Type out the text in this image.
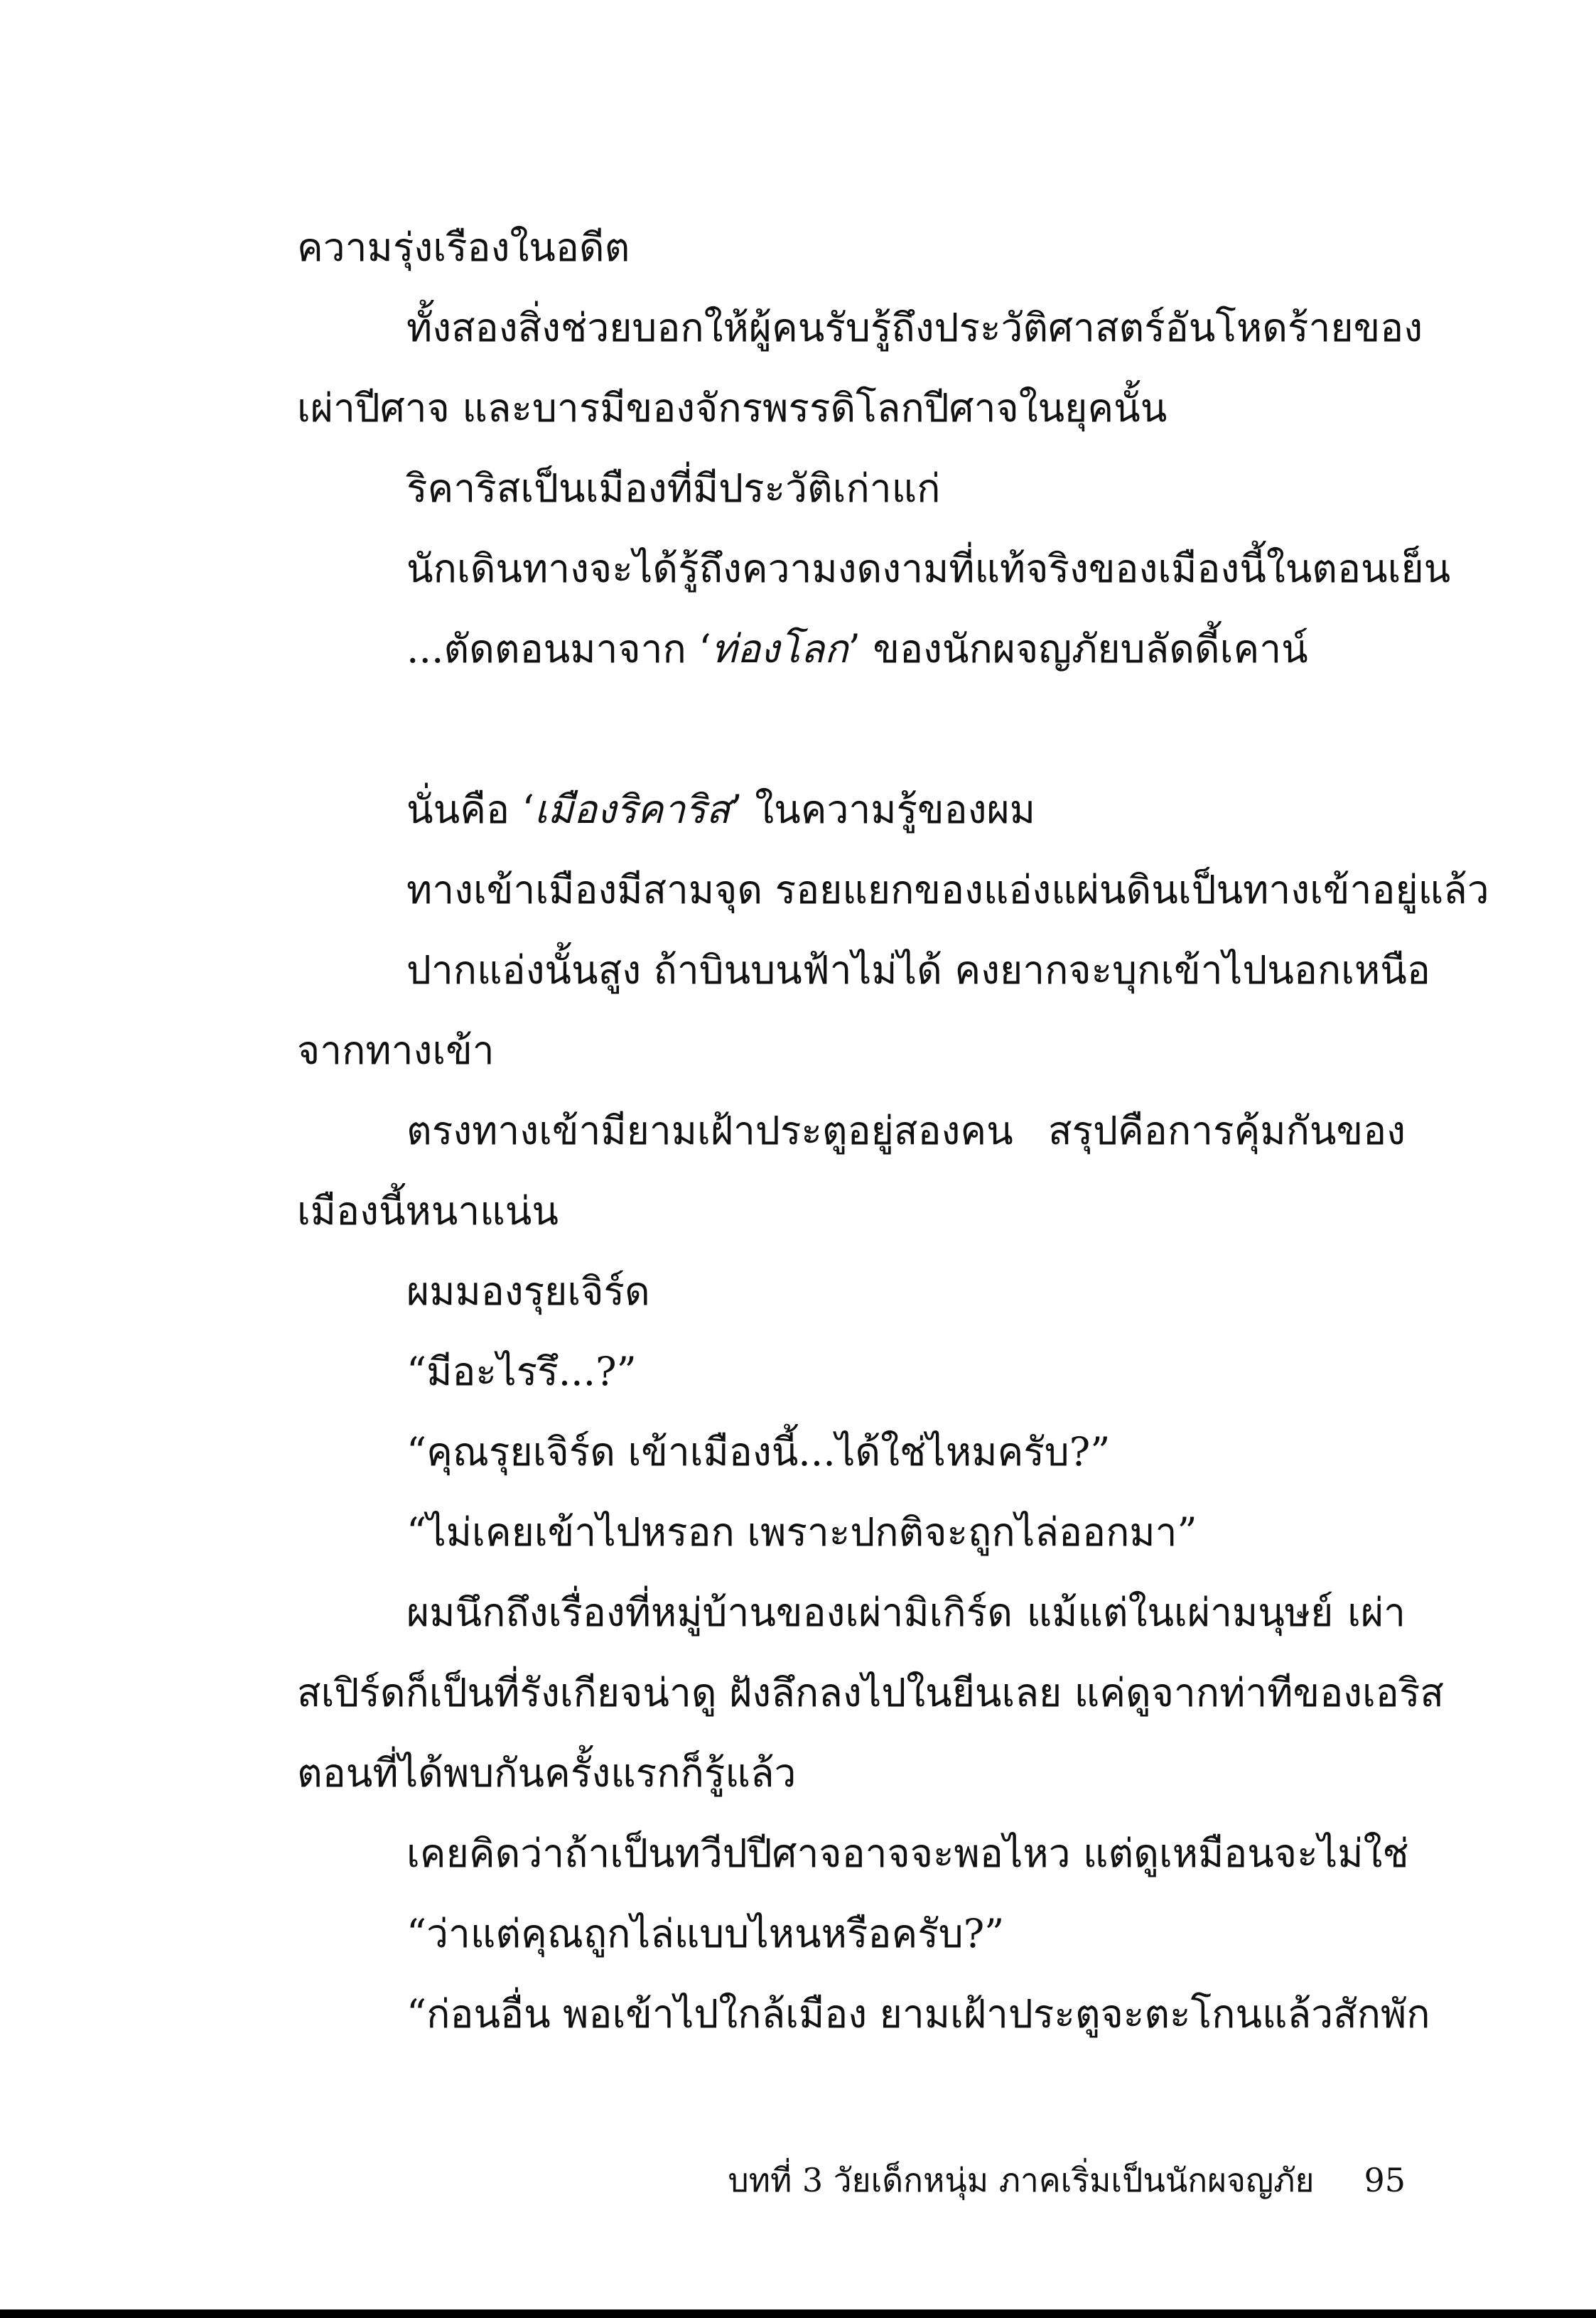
ความรุ่งเรืองในอดีต
ทั้งสองสิ่งช่วยบอกให้ผู้คนรับรู้ถึงประวัติศาสตร์อันโหดร้ายของ
เผ่าปีศาจ และบารมีของจักรพรรดิโลกปีศาจในยุคนั้น
ริคาริสเป็นเมืองที่มีประวัติเก่าแก่
นักเดินทางจะได้รู้ถึงความงดงามที่แท้จริงของเมืองนี้ในตอนเย็น
...ตัดตอนมาจาก ‘ท่องโลก’ ของนักผจญภัยบลัดดี้เคาน์
นั่นคือ ‘เมืองริคาริส’ ในความรู้ของผม
ทางเข้าเมืองมีสามจุด รอยแยกของแอ่งแผ่นดินเป็นทางเข้าอยู่แล้ว
ปากแอ่งนั้นสูง ถ้าบินบนฟ้าไม่ได้ คงยากจะบุกเข้าไปนอกเหนือ
จากทางเข้า
ตรงทางเข้ามียามเฝ้าประตูอยู่สองคน สรุปคือการคุ้มกันของ
เมืองนี้หนาแน่น
ผมมองรุยเจิร์ด
“มีอะไรรึ...?”
“คุณรุยเจิร์ด เข้าเมืองนี้...ได้ใช่ไหมครับ?”
“ไม่เคยเข้าไปหรอก เพราะปกติจะถูกไล่ออกมา”
ผมนึกถึงเรื่องที่หมู่บ้านของเผ่ามิเกิร์ด แม้แต่ในเผ่ามนุษย์ เผ่า
สเปิร์ดก็เป็นที่รังเกียจน่าดู ฝังลึกลงไปในยีนเลย แค่ดูจากท่าทีของเอริส
ตอนที่ได้พบกันครั้งแรกก็รู้แล้ว
เคยคิดว่าถ้าเป็นทวีปปีศาจอาจจะพอไหว แต่ดูเหมือนจะไม่ใช่
“ว่าแต่คุณถูกไล่แบบไหนหรือครับ?”
“ก่อนอื่น พอเข้าไปใกล้เมือง ยามเฝ้าประตูจะตะโกนแล้วสักพัก
บทที่ 3 วัยเด็กหนุ่ม ภาคเริ่มเป็นนักผจญภัย 95
